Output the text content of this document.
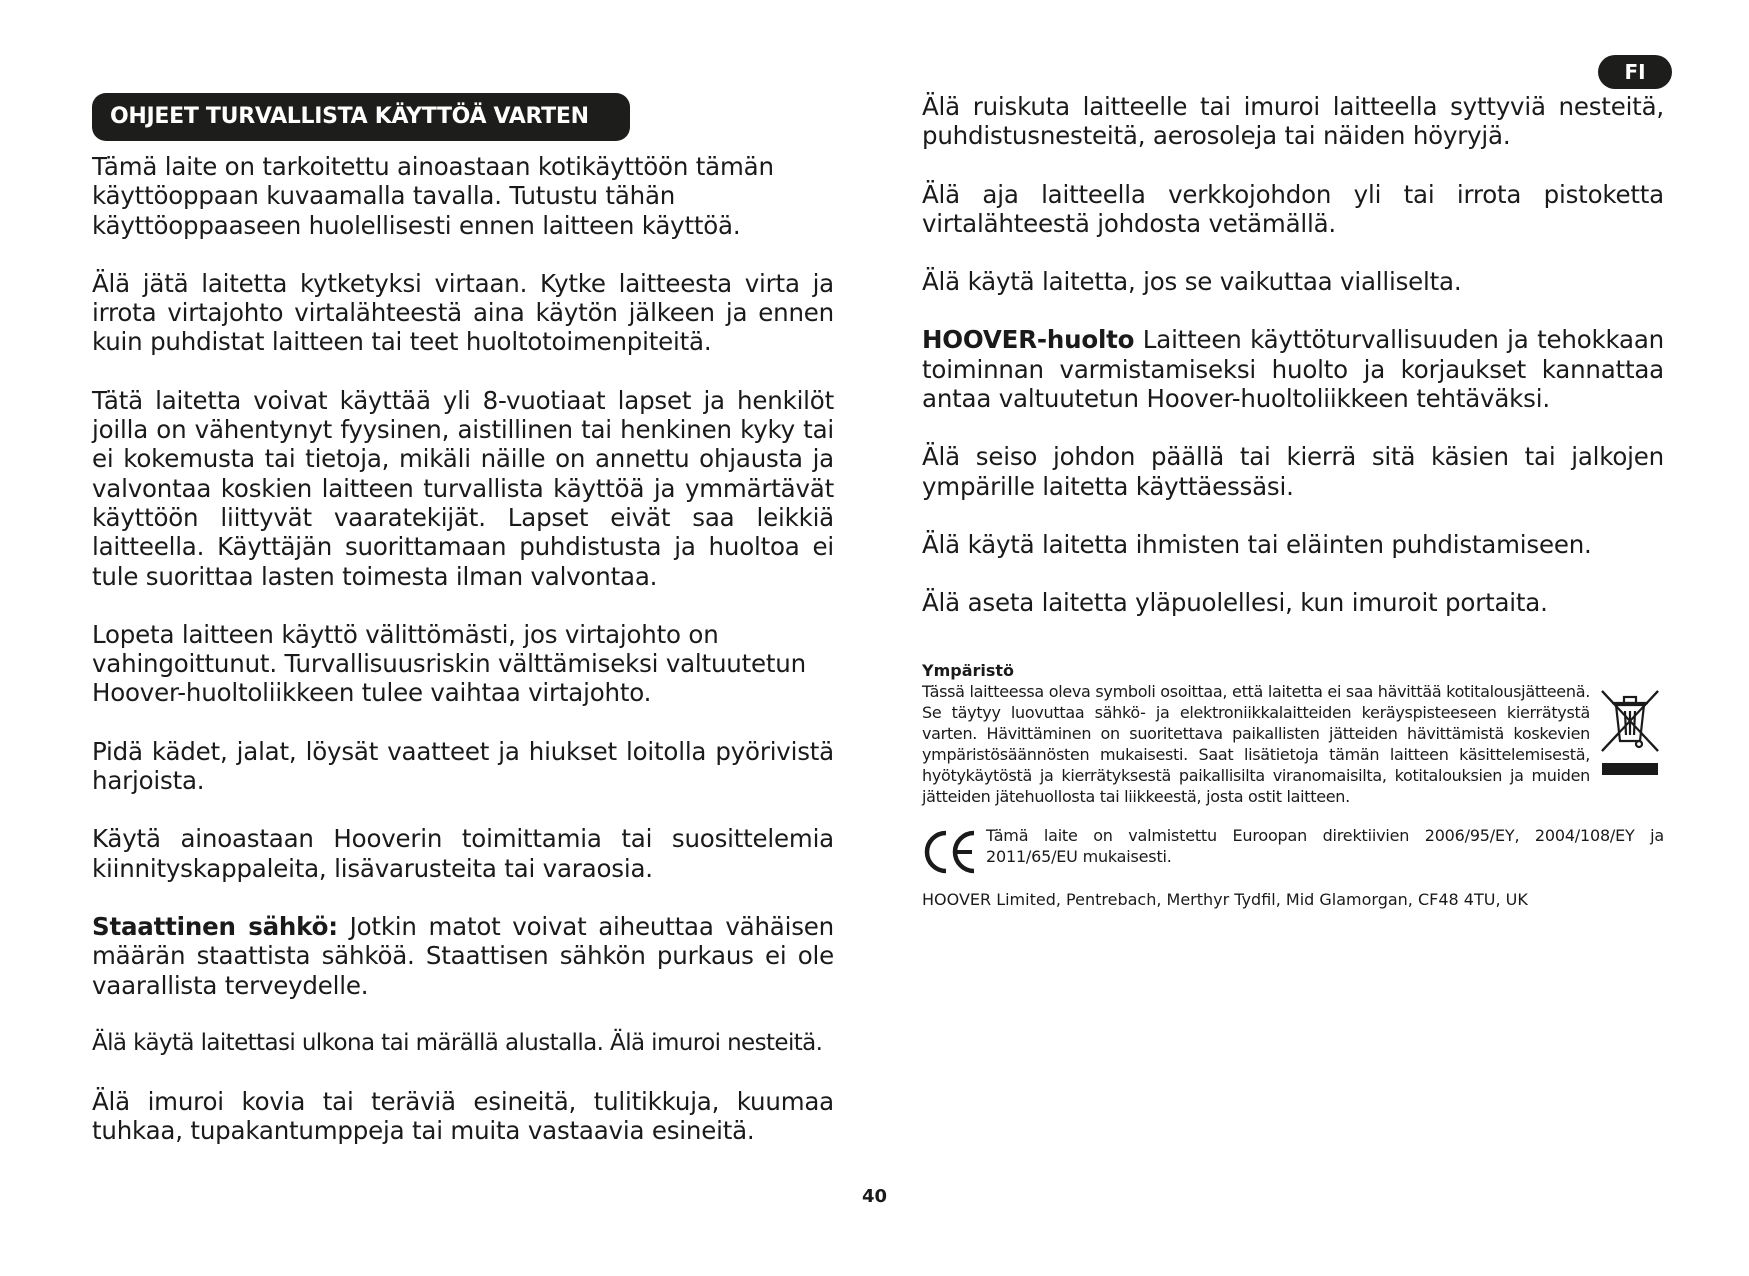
FI
OHJEET TURVALLISTA KÄYTTÖÄ VARTEN

Tämä laite on tarkoitettu ainoastaan kotikäyttöön tämän käyttöoppaan kuvaamalla tavalla. Tutustu tähän käyttöoppaaseen huolellisesti ennen laitteen käyttöä.

Älä jätä laitetta kytketyksi virtaan. Kytke laitteesta virta ja irrota virtajohto virtalähteestä aina käytön jälkeen ja ennen kuin puhdistat laitteen tai teet huoltotoimenpiteitä.

Tätä laitetta voivat käyttää yli 8-vuotiaat lapset ja henkilöt joilla on vähentynyt fyysinen, aistillinen tai henkinen kyky tai ei kokemusta tai tietoja, mikäli näille on annettu ohjausta ja valvontaa koskien laitteen turvallista käyttöä ja ymmärtävät käyttöön liittyvät vaaratekijät. Lapset eivät saa leikkiä laitteella. Käyttäjän suorittamaan puhdistusta ja huoltoa ei tule suorittaa lasten toimesta ilman valvontaa.

Lopeta laitteen käyttö välittömästi, jos virtajohto on vahingoittunut. Turvallisuusriskin välttämiseksi valtuutetun Hoover-huoltoliikkeen tulee vaihtaa virtajohto.

Pidä kädet, jalat, löysät vaatteet ja hiukset loitolla pyörivistä harjoista.

Käytä ainoastaan Hooverin toimittamia tai suosittelemia kiinnityskappaleita, lisävarusteita tai varaosia.

Staattinen sähkö: Jotkin matot voivat aiheuttaa vähäisen määrän staattista sähköä. Staattisen sähkön purkaus ei ole vaarallista terveydelle.

Älä käytä laitettasi ulkona tai märällä alustalla. Älä imuroi nesteitä.

Älä imuroi kovia tai teräviä esineitä, tulitikkuja, kuumaa tuhkaa, tupakantumppeja tai muita vastaavia esineitä.

Älä ruiskuta laitteelle tai imuroi laitteella syttyviä nesteitä, puhdistusnesteitä, aerosoleja tai näiden höyryjä.

Älä aja laitteella verkkojohdon yli tai irrota pistoketta virtalähteestä johdosta vetämällä.

Älä käytä laitetta, jos se vaikuttaa vialliselta.

HOOVER-huolto Laitteen käyttöturvallisuuden ja tehokkaan toiminnan varmistamiseksi huolto ja korjaukset kannattaa antaa valtuutetun Hoover-huoltoliikkeen tehtäväksi.

Älä seiso johdon päällä tai kierrä sitä käsien tai jalkojen ympärille laitetta käyttäessäsi.

Älä käytä laitetta ihmisten tai eläinten puhdistamiseen.

Älä aseta laitetta yläpuolellesi, kun imuroit portaita.

Ympäristö
Tässä laitteessa oleva symboli osoittaa, että laitetta ei saa hävittää kotitalousjätteenä. Se täytyy luovuttaa sähkö- ja elektroniikkalaitteiden keräyspisteeseen kierrätystä varten. Hävittäminen on suoritettava paikallisten jätteiden hävittämistä koskevien ympäristösäännösten mukaisesti. Saat lisätietoja tämän laitteen käsittelemisestä, hyötykäytöstä ja kierrätyksestä paikallisilta viranomaisilta, kotitalouksien ja muiden jätteiden jätehuollosta tai liikkeestä, josta ostit laitteen.
Tämä laite on valmistettu Euroopan direktiivien 2006/95/EY, 2004/108/EY ja 2011/65/EU mukaisesti.
HOOVER Limited, Pentrebach, Merthyr Tydfil, Mid Glamorgan, CF48 4TU, UK
40
